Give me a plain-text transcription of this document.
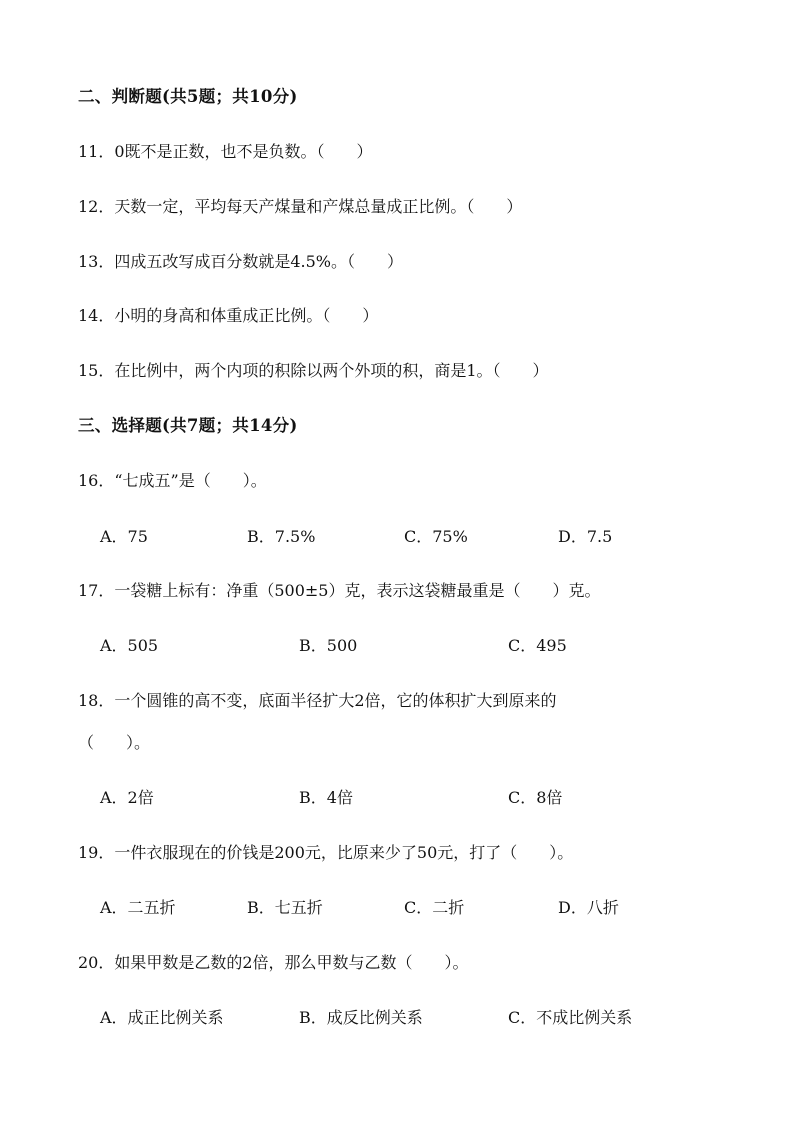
二、判断题(共5题；共10分)
11．0既不是正数，也不是负数。（　　）
12．天数一定，平均每天产煤量和产煤总量成正比例。（　　）
13．四成五改写成百分数就是4.5%。（　　）
14．小明的身高和体重成正比例。（　　）
15．在比例中，两个内项的积除以两个外项的积，商是1。（　　）
三、选择题(共7题；共14分)
16．“七成五”是（　　）。
A．75	B．7.5%	C．75%	D．7.5
17．一袋糖上标有：净重（500±5）克，表示这袋糖最重是（　　）克。
A．505	B．500	C．495
18．一个圆锥的高不变，底面半径扩大2倍，它的体积扩大到原来的
（　　）。
A．2倍	B．4倍	C．8倍
19．一件衣服现在的价钱是200元，比原来少了50元，打了（　　）。
A．二五折	B．七五折	C．二折	D．八折
20．如果甲数是乙数的2倍，那么甲数与乙数（　　）。
A．成正比例关系	B．成反比例关系	C．不成比例关系
